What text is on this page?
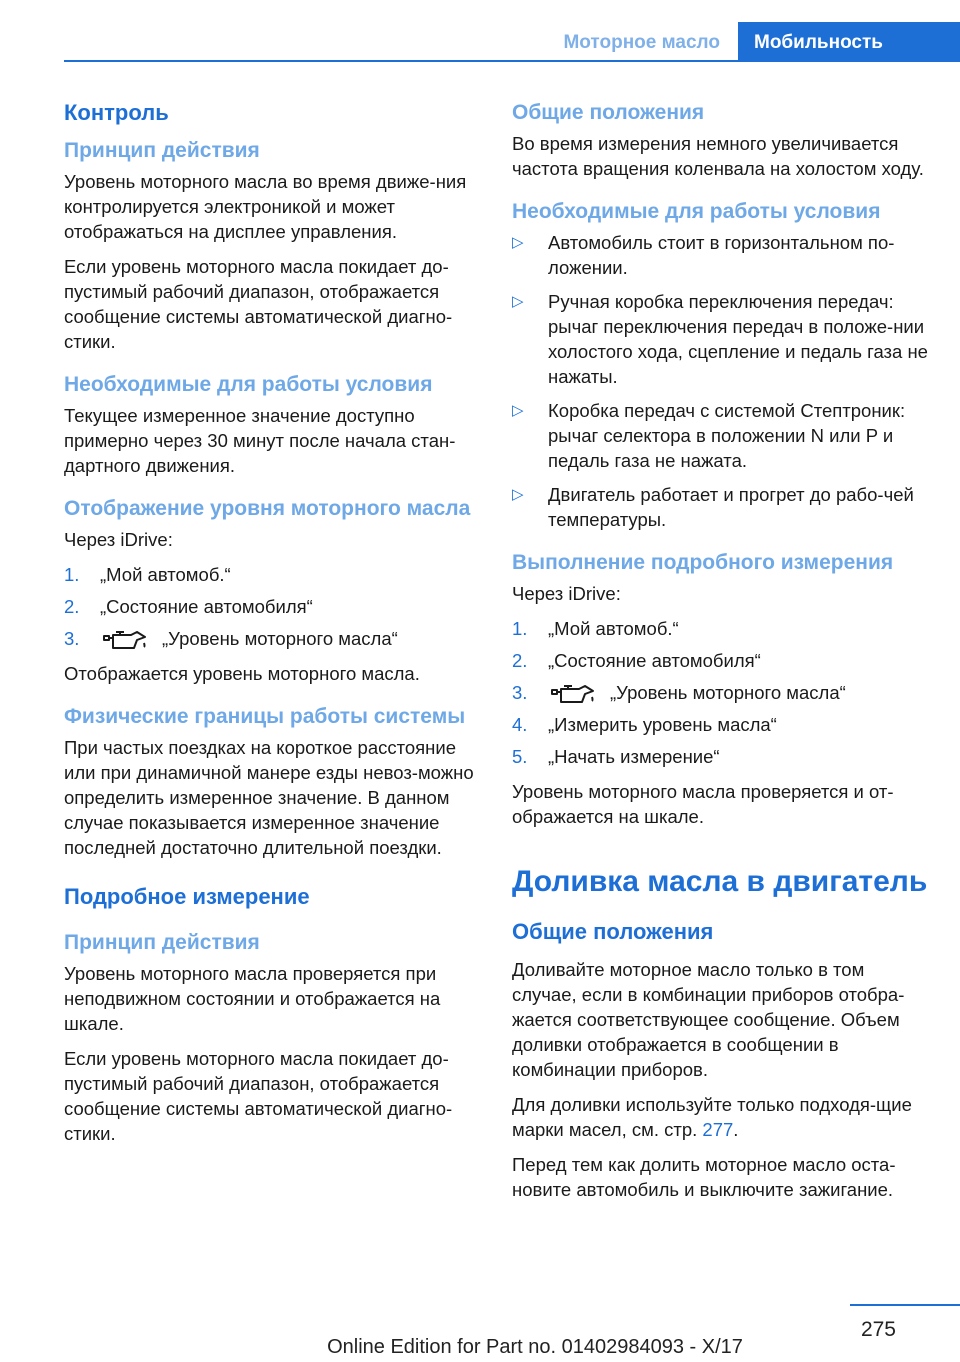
Моторное масло	Мобильность
Контроль
Принцип действия

Уровень моторного масла во время движе-ния контролируется электроникой и может отображаться на дисплее управления.

Если уровень моторного масла покидает до-пустимый рабочий диапазон, отображается сообщение системы автоматической диагно-стики.

Необходимые для работы условия

Текущее измеренное значение доступно примерно через 30 минут после начала стан-дартного движения.

Отображение уровня моторного масла

Через iDrive:

1. „Мой автомоб.“
2. „Состояние автомобиля“
3.	„Уровень моторного масла“

Отображается уровень моторного масла.

Физические границы работы системы

При частых поездках на короткое расстояние или при динамичной манере езды невоз-можно определить измеренное значение. В данном случае показывается измеренное значение последней достаточно длительной поездки.

Подробное измерение
Принцип действия

Уровень моторного масла проверяется при неподвижном состоянии и отображается на шкале.

Если уровень моторного масла покидает до-пустимый рабочий диапазон, отображается сообщение системы автоматической диагно-стики.

Общие положения

Во время измерения немного увеличивается частота вращения коленвала на холостом ходу.

Необходимые для работы условия
▷ Автомобиль стоит в горизонтальном по-ложении.
▷ Ручная коробка переключения передач: рычаг переключения передач в положе-нии холостого хода, сцепление и педаль газа не нажаты.
▷ Коробка передач с системой Стептроник: рычаг селектора в положении N или P и педаль газа не нажата.
▷ Двигатель работает и прогрет до рабо-чей температуры.
Выполнение подробного измерения

Через iDrive:

1. „Мой автомоб.“
2. „Состояние автомобиля“
3.	„Уровень моторного масла“
4. „Измерить уровень масла“
5. „Начать измерение“

Уровень моторного масла проверяется и от-ображается на шкале.

Доливка масла в двигатель
Общие положения

Доливайте моторное масло только в том случае, если в комбинации приборов отобра-жается соответствующее сообщение. Объем доливки отображается в сообщении в комбинации приборов.

Для доливки используйте только подходя-щие марки масел, см. стр. 277.

Перед тем как долить моторное масло оста-новите автомобиль и выключите зажигание.

275
Online Edition for Part no. 01402984093 - X/17
